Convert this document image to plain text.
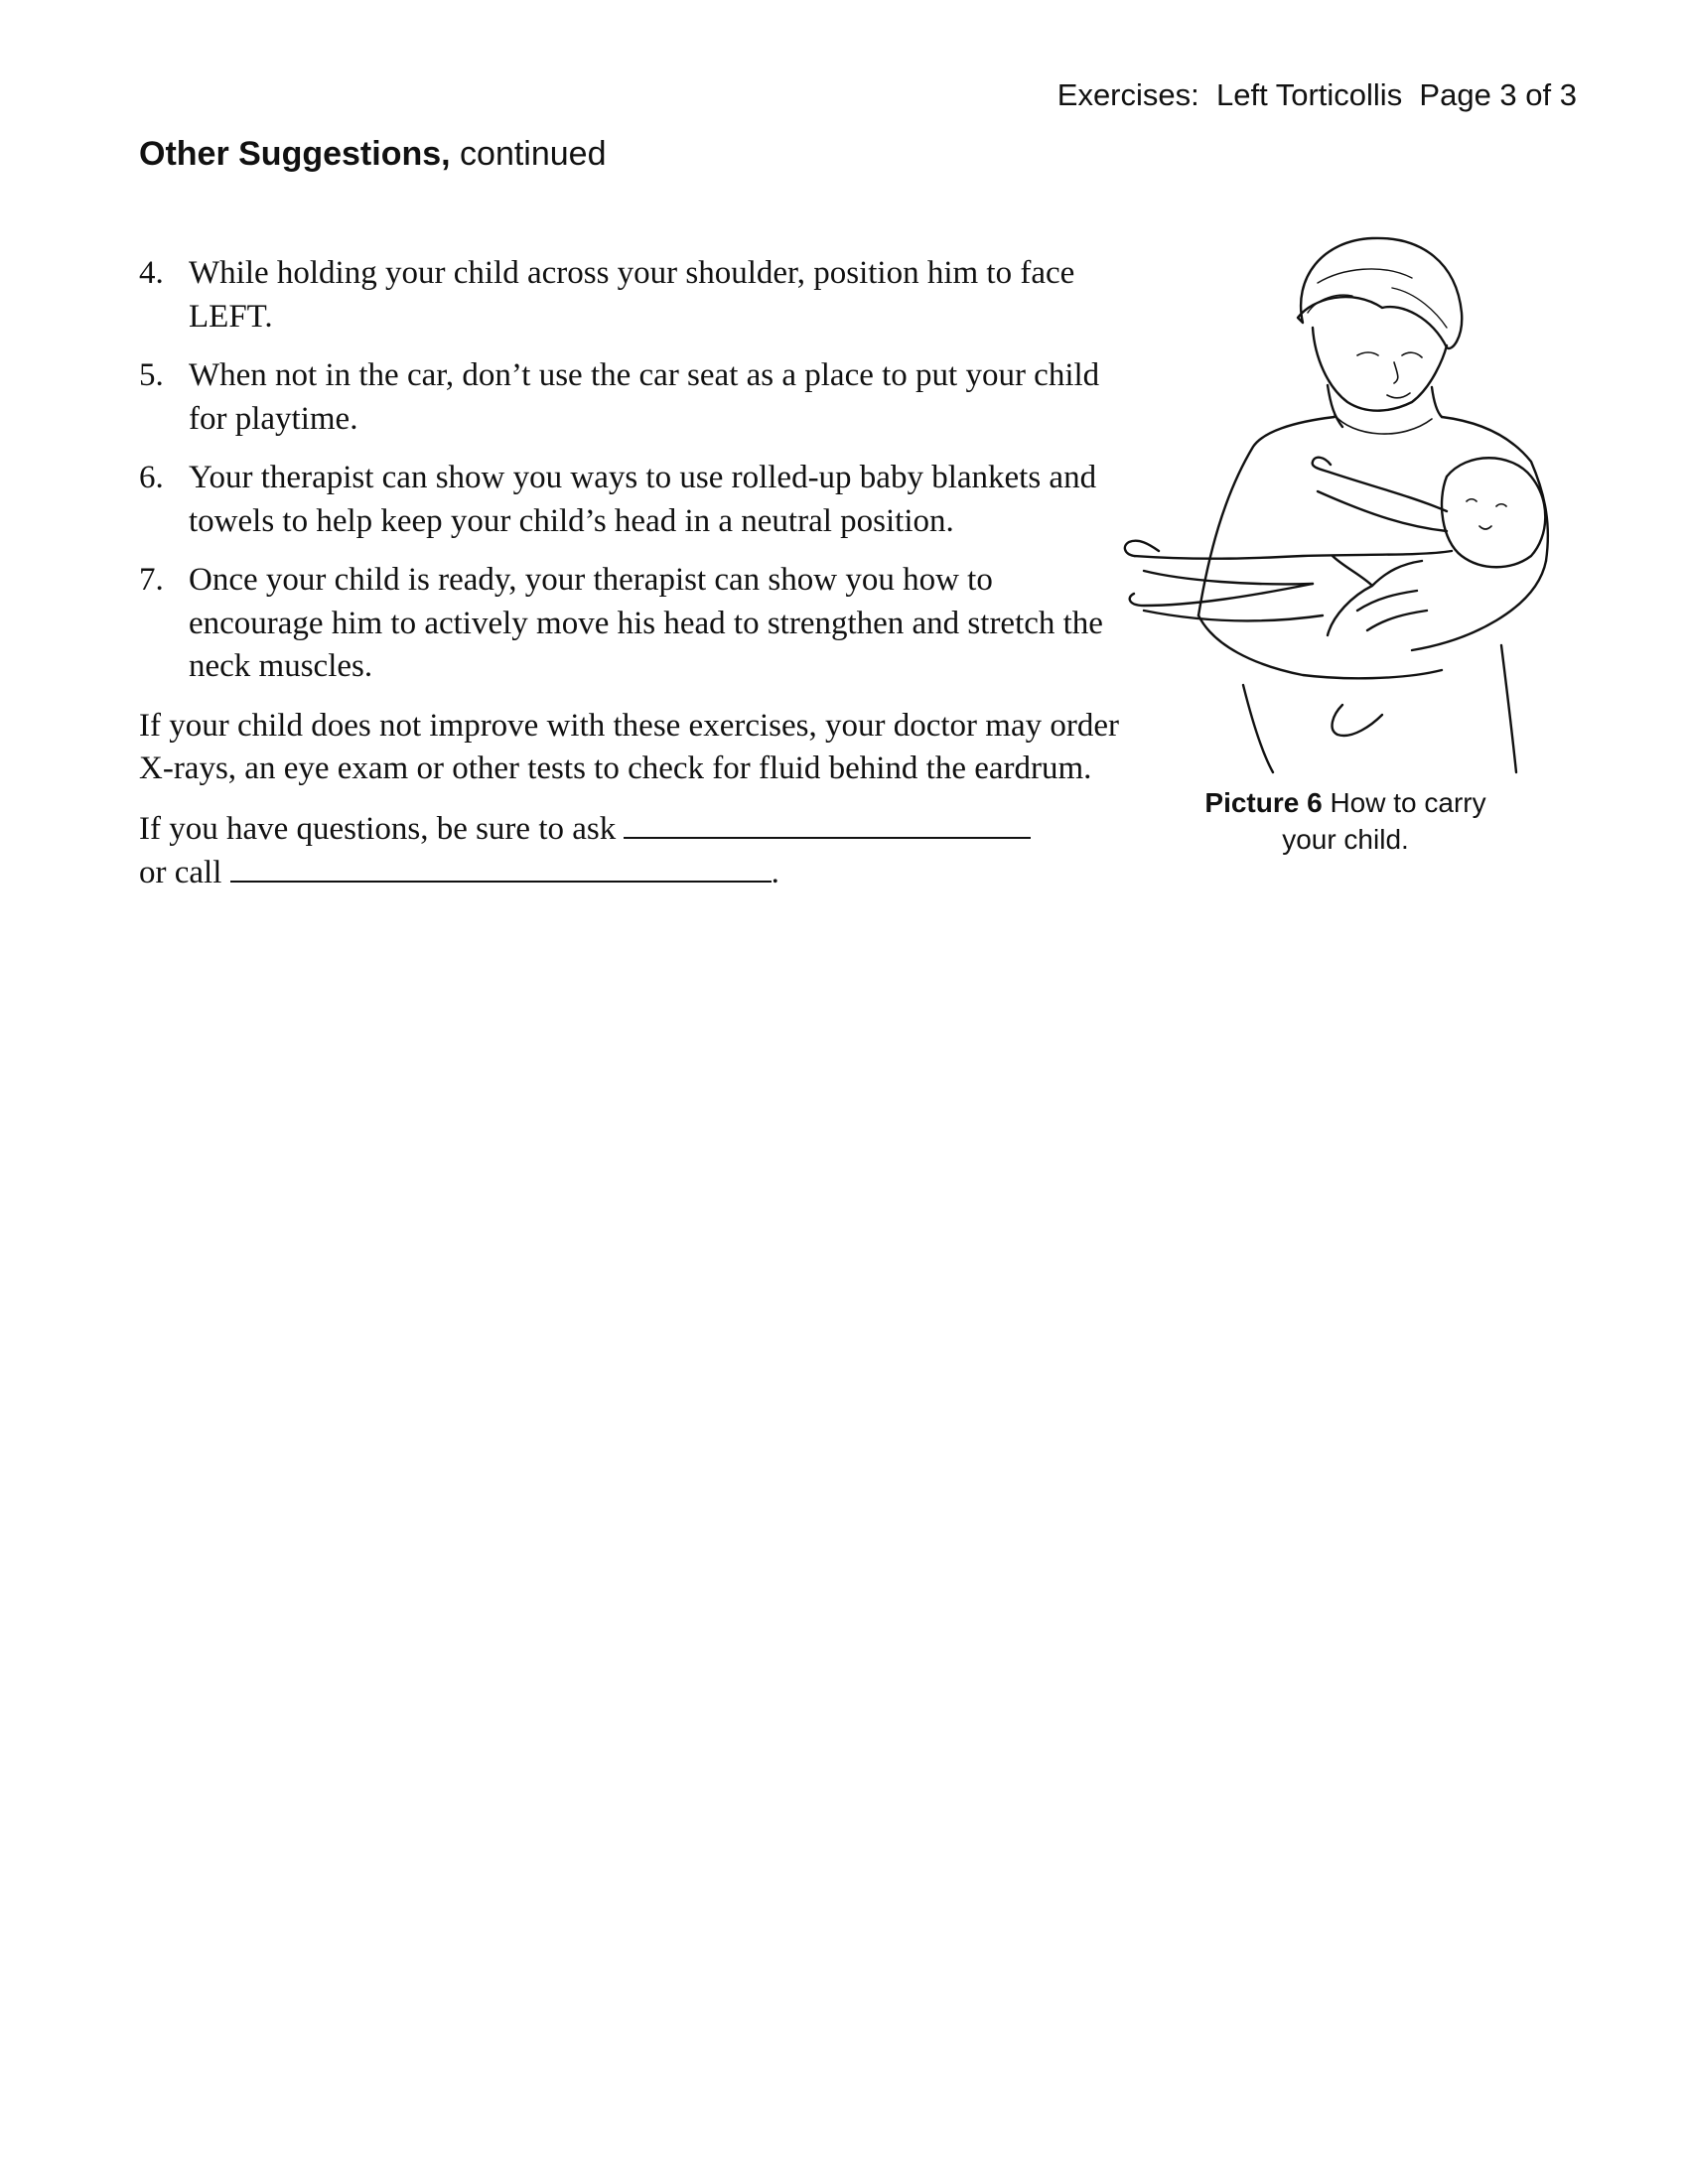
Exercises:  Left Torticollis  Page 3 of 3
Other Suggestions, continued
4. While holding your child across your shoulder, position him to face LEFT.
5. When not in the car, don’t use the car seat as a place to put your child for playtime.
6. Your therapist can show you ways to use rolled-up baby blankets and towels to help keep your child’s head in a neutral position.
7. Once your child is ready, your therapist can show you how to encourage him to actively move his head to strengthen and stretch the neck muscles.

If your child does not improve with these exercises, your doctor may order X-rays, an eye exam or other tests to check for fluid behind the eardrum.

If you have questions, be sure to ask
or call	.

Picture 6 How to carry your child.
